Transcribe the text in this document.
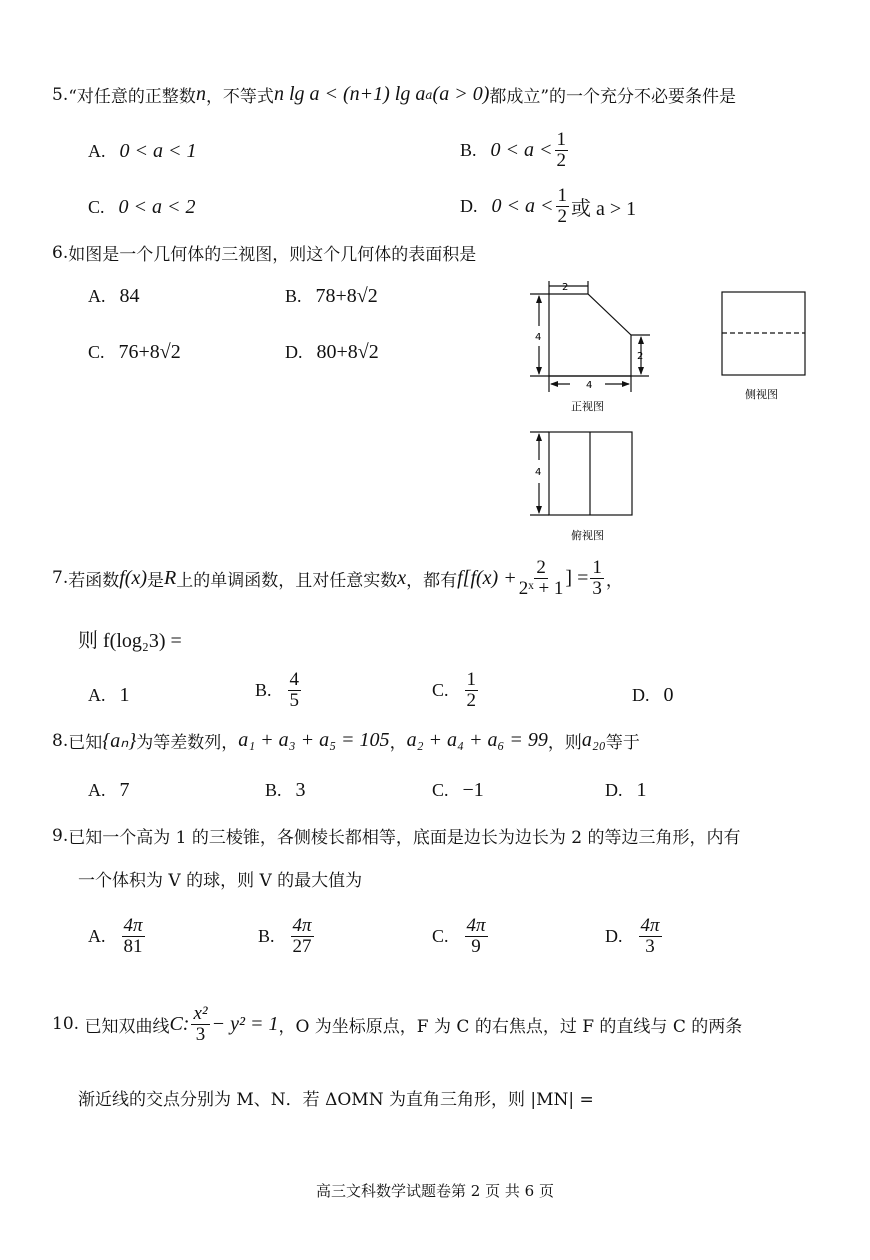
5. “对任意的正整数 n ，不等式 n lg a < (n+1) lg a a (a > 0) 都成立”的一个充分不必要条件是
A. 0 < a < 1	B. $0 < a < \frac{1}{2}$
C. 0 < a < 2	D. $0 < a < \frac{1}{2}$ 或 a > 1
6. 如图是一个几何体的三视图，则这个几何体的表面积是
A. 84	B. 78+8√2
C. 76+8√2	D. 80+8√2
2
4
2
4
4
正视图
侧视图
俯视图
7. 若函数 f(x) 是 R 上的单调函数，且对任意实数 x ，都有 $f[f(x) + \frac{2}{\text{2ˣ + 1}}$ ] = $\frac{1}{3}$ ，
则 f(log₂3) =
A. 1	B. $\frac{4}{5}$	C. $\frac{1}{2}$	D. 0
8. 已知 {aₙ} 为等差数列， a₁ + a₃ + a₅ = 105 ， a₂ + a₄ + a₆ = 99 ，则 a₂₀ 等于
A. 7	B. 3	C. −1	D. 1
9. 已知一个高为 1 的三棱锥，各侧棱长都相等，底面是边长为边长为 2 的等边三角形，内有
一个体积为 V 的球，则 V 的最大值为
A. $\frac{4\pi}{81}$	B. $\frac{4\pi}{27}$	C. $\frac{4\pi}{9}$	D. $\frac{4\pi}{3}$
10.
已知双曲线 C: $\frac{\text{x²}}{3} - y^2 = 1$ ，O 为坐标原点，F 为 C 的右焦点，过 F 的直线与 C 的两条
渐近线的交点分别为 M、N．若 ΔOMN 为直角三角形，则 |MN| =
高三文科数学试题卷第 2 页 共 6 页
